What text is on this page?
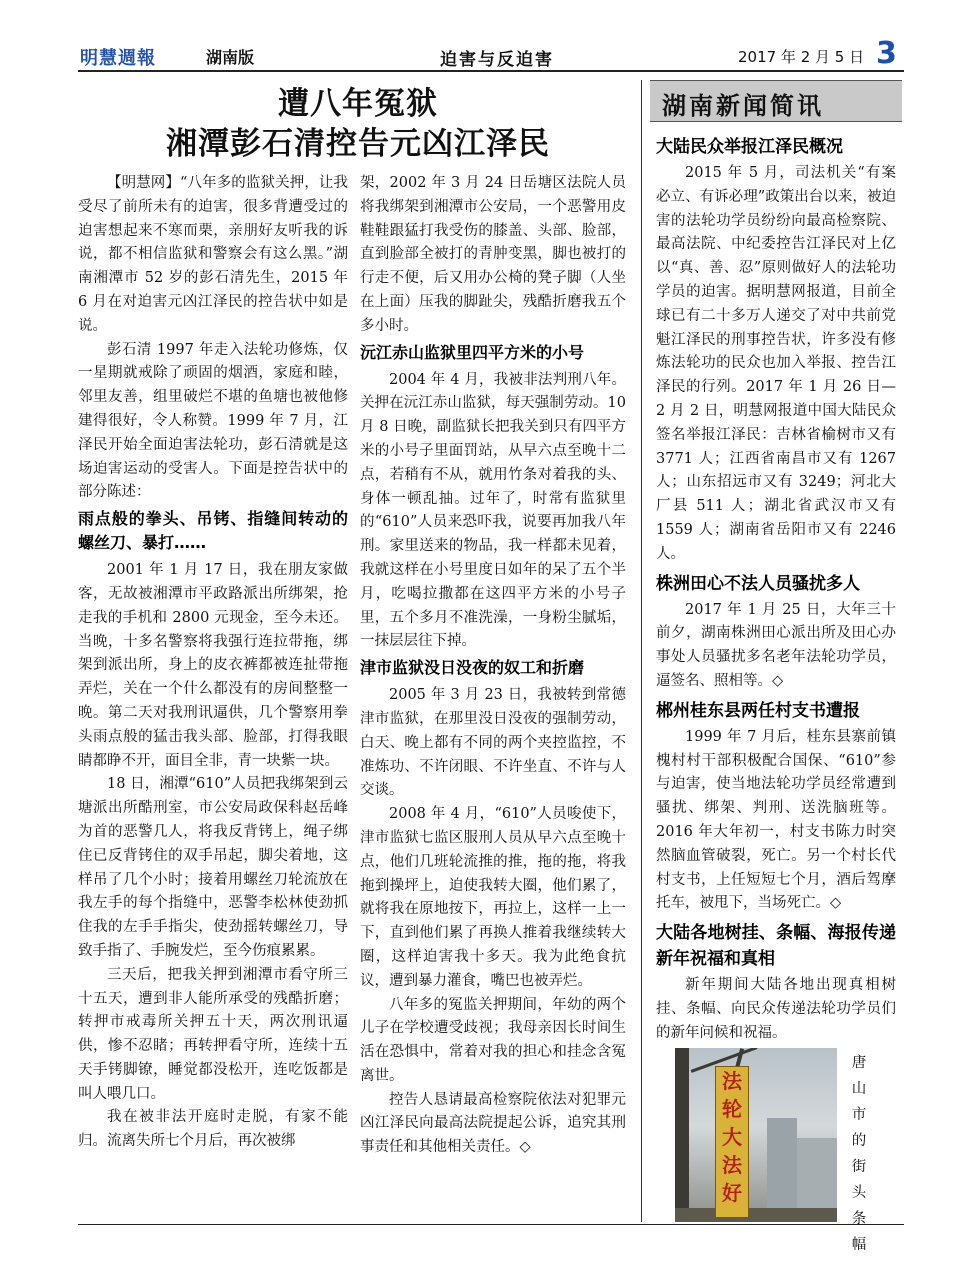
明慧週報	湖南版	迫害与反迫害	2017 年 2 月 5 日 3
遭八年冤狱
湘潭彭石清控告元凶江泽民

【明慧网】“八年多的监狱关押，让我受尽了前所未有的迫害，很多背遭受过的迫害想起来不寒而栗，亲朋好友听我的诉说，都不相信监狱和警察会有这么黑。”湖南湘潭市 52 岁的彭石清先生，2015 年 6 月在对迫害元凶江泽民的控告状中如是说。

彭石清 1997 年走入法轮功修炼，仅一星期就戒除了顽固的烟酒，家庭和睦，邻里友善，组里破烂不堪的鱼塘也被他修建得很好，令人称赞。1999 年 7 月，江泽民开始全面迫害法轮功，彭石清就是这场迫害运动的受害人。下面是控告状中的部分陈述：

雨点般的拳头、吊铐、指缝间转动的螺丝刀、暴打……

2001 年 1 月 17 日，我在朋友家做客，无故被湘潭市平政路派出所绑架，抢走我的手机和 2800 元现金，至今未还。当晚，十多名警察将我强行连拉带拖，绑架到派出所，身上的皮衣裤都被连扯带拖弄烂，关在一个什么都没有的房间整整一晚。第二天对我刑讯逼供，几个警察用拳头雨点般的猛击我头部、脸部，打得我眼睛都睁不开，面目全非，青一块紫一块。

18 日，湘潭“610”人员把我绑架到云塘派出所酷刑室，市公安局政保科赵岳峰为首的恶警几人，将我反背铐上，绳子绑住已反背铐住的双手吊起，脚尖着地，这样吊了几个小时；接着用螺丝刀轮流放在我左手的每个指缝中，恶警李松林使劲抓住我的左手手指尖，使劲摇转螺丝刀，导致手指了、手腕发烂，至今伤痕累累。

三天后，把我关押到湘潭市看守所三十五天，遭到非人能所承受的残酷折磨；转押市戒毒所关押五十天，两次刑讯逼供，惨不忍睹；再转押看守所，连续十五天手铐脚镣，睡觉都没松开，连吃饭都是叫人喂几口。

我在被非法开庭时走脱，有家不能归。流离失所七个月后，再次被绑

架，2002 年 3 月 24 日岳塘区法院人员将我绑架到湘潭市公安局，一个恶警用皮鞋鞋跟猛打我受伤的膝盖、头部、脸部，直到脸部全被打的青肿变黑，脚也被打的行走不便，后又用办公椅的凳子脚（人坐在上面）压我的脚趾尖，残酷折磨我五个多小时。

沅江赤山监狱里四平方米的小号

2004 年 4 月，我被非法判刑八年。关押在沅江赤山监狱，每天强制劳动。10 月 8 日晚，副监狱长把我关到只有四平方米的小号子里面罚站，从早六点至晚十二点，若稍有不从，就用竹条对着我的头、身体一顿乱抽。过年了，时常有监狱里的“610”人员来恐吓我，说要再加我八年刑。家里送来的物品，我一样都未见着，我就这样在小号里度日如年的呆了五个半月，吃喝拉撒都在这四平方米的小号子里，五个多月不准洗澡，一身粉尘腻垢，一抹层层往下掉。

津市监狱没日没夜的奴工和折磨

2005 年 3 月 23 日，我被转到常德津市监狱，在那里没日没夜的强制劳动，白天、晚上都有不同的两个夹控监控，不准炼功、不许闭眼、不许坐直、不许与人交谈。

2008 年 4 月，“610”人员唆使下，津市监狱七监区服刑人员从早六点至晚十点，他们几班轮流推的推，拖的拖，将我拖到操坪上，迫使我转大圈，他们累了，就将我在原地按下，再拉上，这样一上一下，直到他们累了再换人推着我继续转大圈，这样迫害我十多天。我为此绝食抗议，遭到暴力灌食，嘴巴也被弄烂。

八年多的冤监关押期间，年幼的两个儿子在学校遭受歧视；我母亲因长时间生活在恐惧中，常着对我的担心和挂念含冤离世。

控告人恳请最高检察院依法对犯罪元凶江泽民向最高法院提起公诉，追究其刑事责任和其他相关责任。◇

湖南新闻简讯
大陆民众举报江泽民概况

2015 年 5 月，司法机关“有案必立、有诉必理”政策出台以来，被迫害的法轮功学员纷纷向最高检察院、最高法院、中纪委控告江泽民对上亿以“真、善、忍”原则做好人的法轮功学员的迫害。据明慧网报道，目前全球已有二十多万人递交了对中共前党魁江泽民的刑事控告状，许多没有修炼法轮功的民众也加入举报、控告江泽民的行列。2017 年 1 月 26 日—2 月 2 日，明慧网报道中国大陆民众签名举报江泽民：吉林省榆树市又有 3771 人；江西省南昌市又有 1267 人；山东招远市又有 3249；河北大厂县 511 人；湖北省武汉市又有 1559 人；湖南省岳阳市又有 2246 人。

株洲田心不法人员骚扰多人

2017 年 1 月 25 日，大年三十前夕，湖南株洲田心派出所及田心办事处人员骚扰多名老年法轮功学员，逼签名、照相等。◇

郴州桂东县两任村支书遭报

1999 年 7 月后，桂东县寨前镇槐村村干部积极配合国保、“610”参与迫害，使当地法轮功学员经常遭到骚扰、绑架、判刑、送洗脑班等。2016 年大年初一，村支书陈力时突然脑血管破裂，死亡。另一个村长代村支书，上任短短七个月，酒后驾摩托车，被甩下，当场死亡。◇

大陆各地树挂、条幅、海报传递新年祝福和真相

新年期间大陆各地出现真相树挂、条幅、向民众传递法轮功学员们的新年问候和祝福。

法
轮
大
法
好
唐山市的街头条幅
